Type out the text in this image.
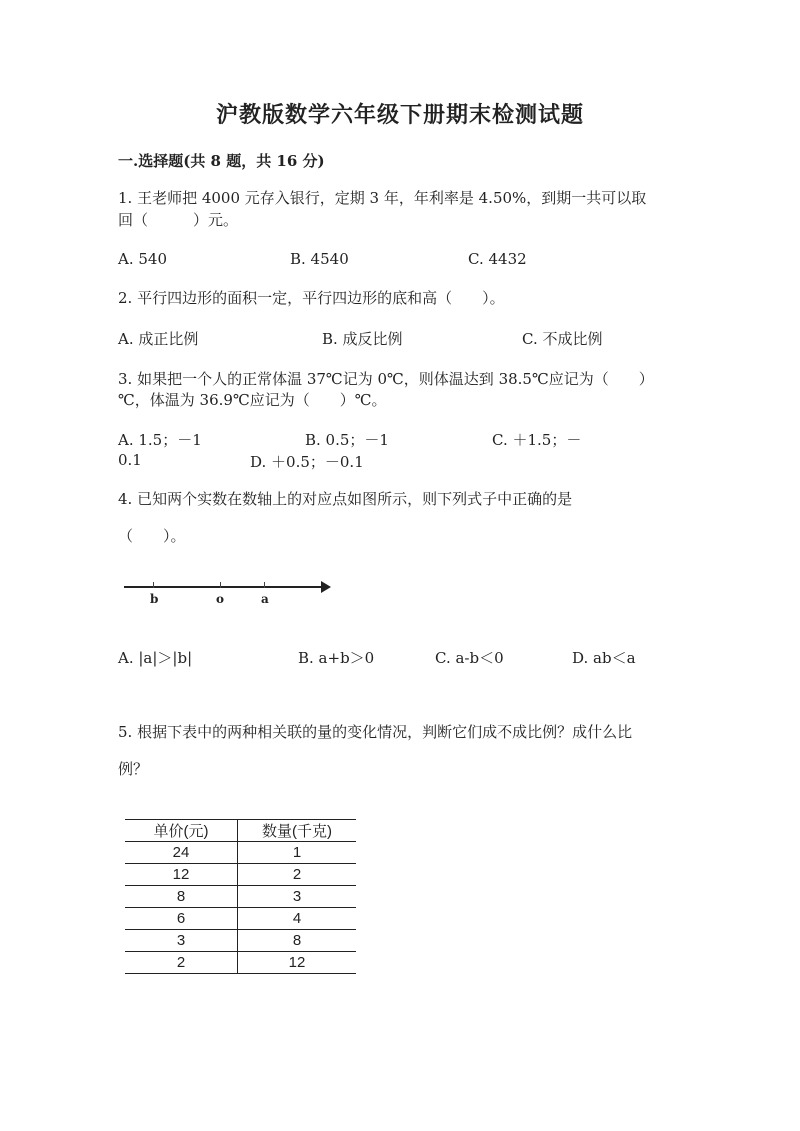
沪教版数学六年级下册期末检测试题
一.选择题(共 8 题，共 16 分)
1. 王老师把 4000 元存入银行，定期 3 年，年利率是 4.50%，到期一共可以取
回（　　　）元。
A. 540	B. 4540	C. 4432
2. 平行四边形的面积一定，平行四边形的底和高（　　）。
A. 成正比例	B. 成反比例	C. 不成比例
3. 如果把一个人的正常体温 37℃记为 0℃，则体温达到 38.5℃应记为（　　）
℃，体温为 36.9℃应记为（　　）℃。
A. 1.5；－1	B. 0.5；－1	C. ＋1.5；－
0.1	D. ＋0.5；－0.1
4. 已知两个实数在数轴上的对应点如图所示，则下列式子中正确的是
（　　）。
b	o	a
A. |a|＞|b|	B. a+b＞0	C. a-b＜0	D. ab＜a
5. 根据下表中的两种相关联的量的变化情况，判断它们成不成比例？成什么比
例？
单价(元)	数量(千克)
24	1
12	2
8	3
6	4
3	8
2	12
